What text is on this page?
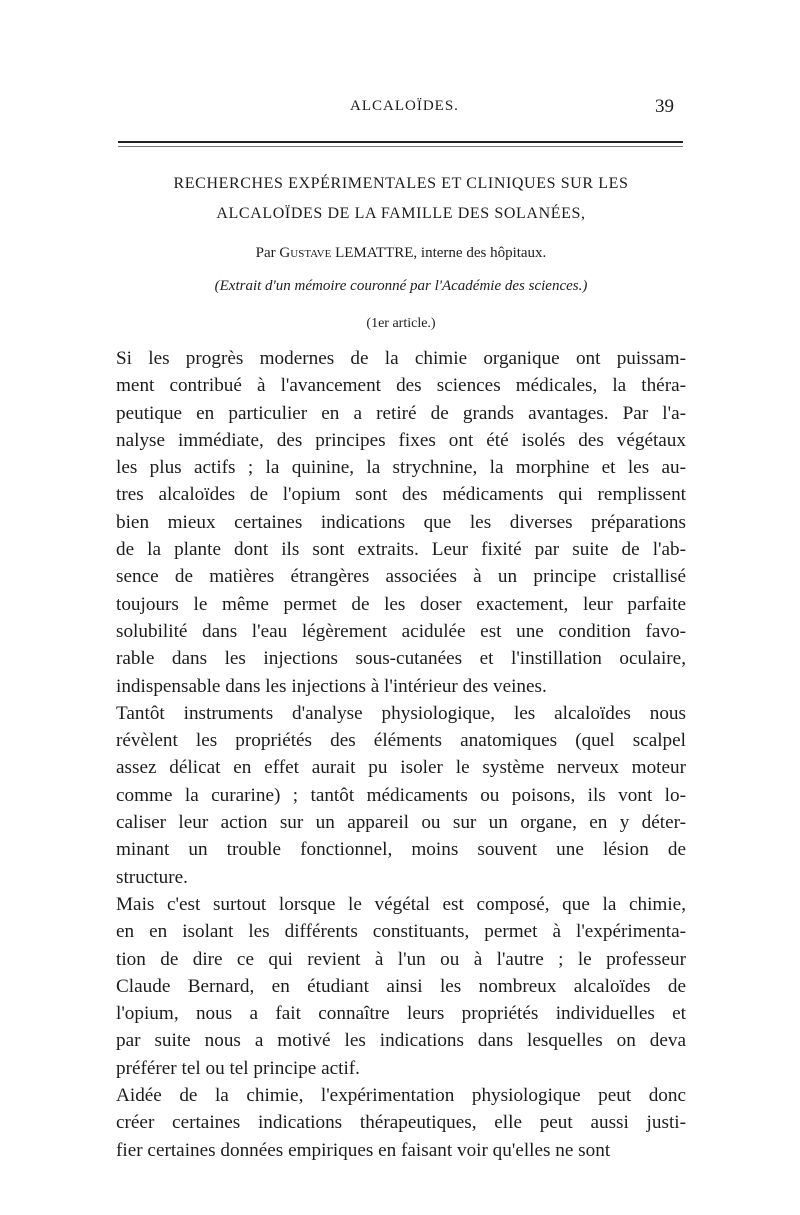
ALCALOÏDES.	39
RECHERCHES EXPÉRIMENTALES ET CLINIQUES SUR LES
ALCALOÏDES DE LA FAMILLE DES SOLANÉES,
Par Gustave LEMATTRE, interne des hôpitaux.
(Extrait d'un mémoire couronné par l'Académie des sciences.)
(1er article.)
Si les progrès modernes de la chimie organique ont puissam-
ment contribué à l'avancement des sciences médicales, la théra-
peutique en particulier en a retiré de grands avantages. Par l'a-
nalyse immédiate, des principes fixes ont été isolés des végétaux
les plus actifs ; la quinine, la strychnine, la morphine et les au-
tres alcaloïdes de l'opium sont des médicaments qui remplissent
bien mieux certaines indications que les diverses préparations
de la plante dont ils sont extraits. Leur fixité par suite de l'ab-
sence de matières étrangères associées à un principe cristallisé
toujours le même permet de les doser exactement, leur parfaite
solubilité dans l'eau légèrement acidulée est une condition favo-
rable dans les injections sous-cutanées et l'instillation oculaire,
indispensable dans les injections à l'intérieur des veines.
Tantôt instruments d'analyse physiologique, les alcaloïdes nous
révèlent les propriétés des éléments anatomiques (quel scalpel
assez délicat en effet aurait pu isoler le système nerveux moteur
comme la curarine) ; tantôt médicaments ou poisons, ils vont lo-
caliser leur action sur un appareil ou sur un organe, en y déter-
minant un trouble fonctionnel, moins souvent une lésion de
structure.
Mais c'est surtout lorsque le végétal est composé, que la chimie,
en en isolant les différents constituants, permet à l'expérimenta-
tion de dire ce qui revient à l'un ou à l'autre ; le professeur
Claude Bernard, en étudiant ainsi les nombreux alcaloïdes de
l'opium, nous a fait connaître leurs propriétés individuelles et
par suite nous a motivé les indications dans lesquelles on deva
préférer tel ou tel principe actif.
Aidée de la chimie, l'expérimentation physiologique peut donc
créer certaines indications thérapeutiques, elle peut aussi justi-
fier certaines données empiriques en faisant voir qu'elles ne sont
